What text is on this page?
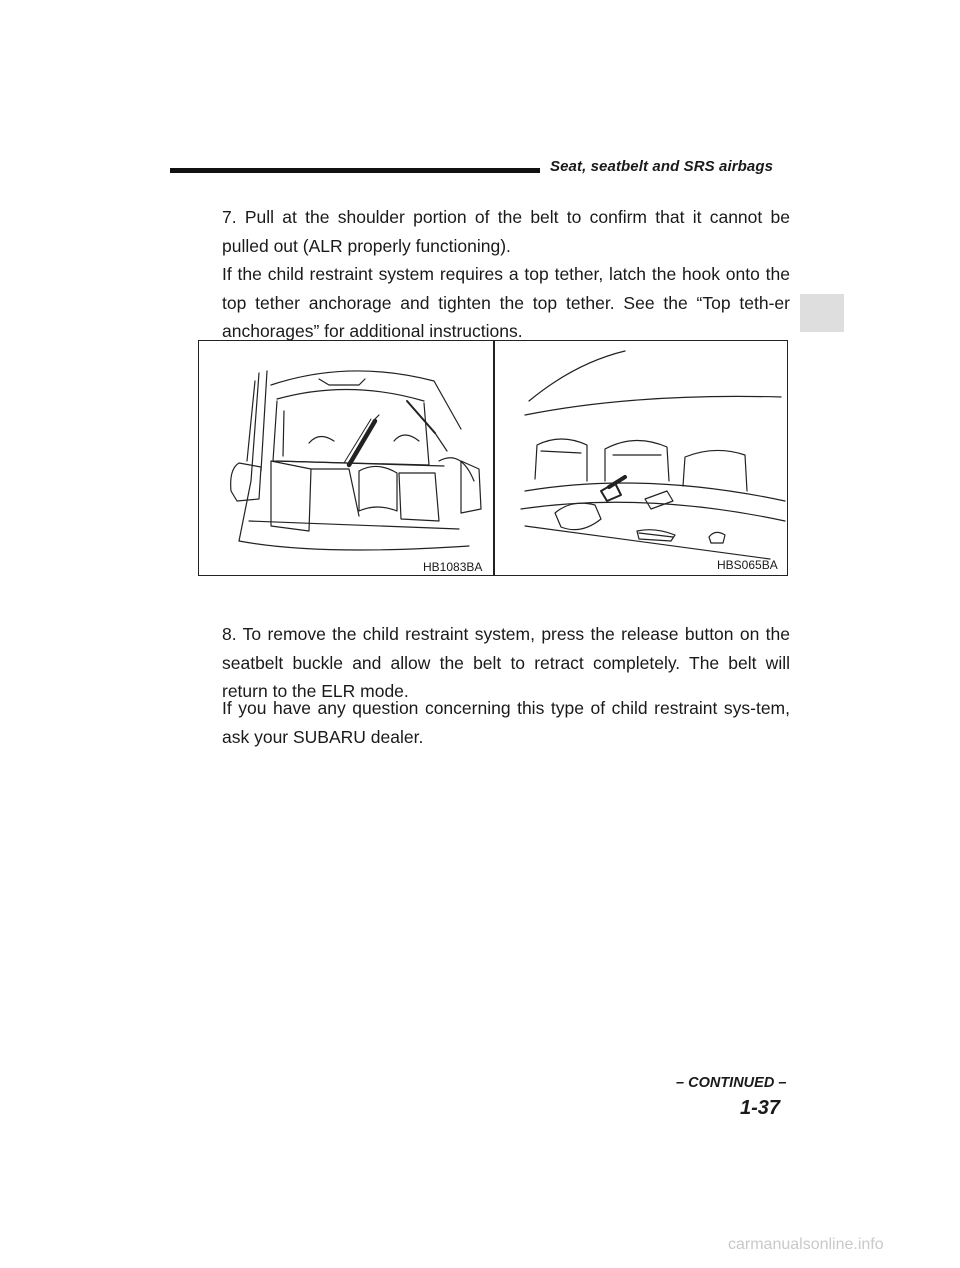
Seat, seatbelt and SRS airbags

7. Pull at the shoulder portion of the belt to confirm that it cannot be pulled out (ALR properly functioning).

If the child restraint system requires a top tether, latch the hook onto the top tether anchorage and tighten the top tether. See the “Top teth-er anchorages” for additional instructions.

HB1083BA	HBS065BA

8. To remove the child restraint system, press the release button on the seatbelt buckle and allow the belt to retract completely. The belt will return to the ELR mode.

If you have any question concerning this type of child restraint sys-tem, ask your SUBARU dealer.

– CONTINUED –
1-37
carmanualsonline.info
